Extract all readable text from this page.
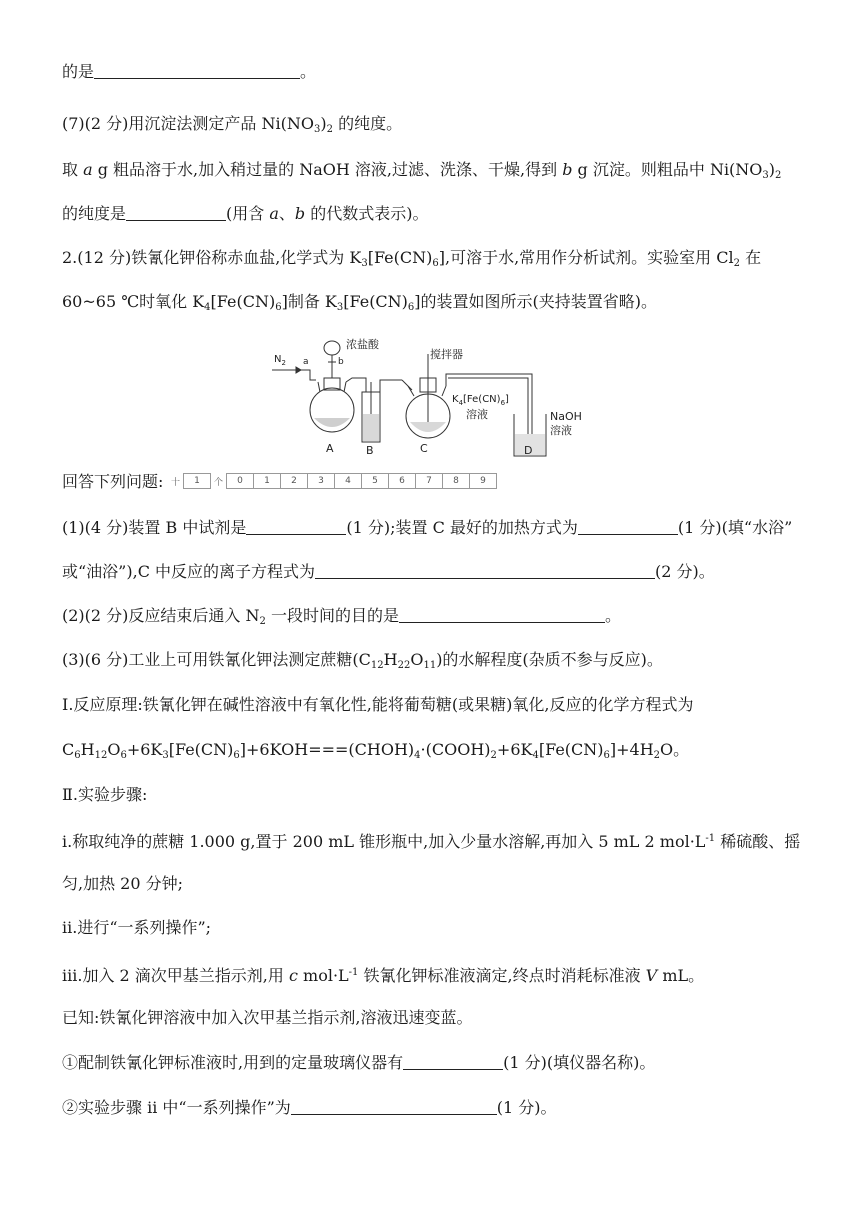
的是	。
(7)(2 分)用沉淀法测定产品 $Ni(NO_3)_2$ 的纯度。
取 a g 粗品溶于水,加入稍过量的 NaOH 溶液,过滤、洗涤、干燥,得到 b g 沉淀。则粗品中 $Ni(NO_3)_2$
的纯度是	(用含 a、b 的代数式表示)。
2.(12 分)铁氰化钾俗称赤血盐,化学式为 $K_3[Fe(CN)_6]$,可溶于水,常用作分析试剂。实验室用 $Cl_2$ 在
60~65 ℃时氧化 $K_4[Fe(CN)_6]$制备 $K_3[Fe(CN)_6]$的装置如图所示(夹持装置省略)。
$N_2$ a	b
浓盐酸
搅拌器
$K_4[Fe(CN)_6]$
溶液	NaOH
溶液
A	B	C	D
回答下列问题: 十	1	个	0	1	2	3	4	5	6	7	8	9
(1)(4 分)装置 B 中试剂是	(1 分);装置 C 最好的加热方式为	(1 分)(填“水浴”
或“油浴”),C 中反应的离子方程式为	(2 分)。
(2)(2 分)反应结束后通入 $N_2$ 一段时间的目的是	。
(3)(6 分)工业上可用铁氰化钾法测定蔗糖$(C_{12}H_{22}O_{11})$的水解程度(杂质不参与反应)。
Ⅰ.反应原理:铁氰化钾在碱性溶液中有氧化性,能将葡萄糖(或果糖)氧化,反应的化学方程式为
$C_6H_{12}O_6+6K_3[Fe(CN)_6]+6KOH===(CHOH)_4\cdot(COOH)_2+6K_4[Fe(CN)_6]+4H_2O$。
Ⅱ.实验步骤:
i.称取纯净的蔗糖 1.000 g,置于 200 mL 锥形瓶中,加入少量水溶解,再加入 5 mL 2 $mol\cdot L^{-1}$ 稀硫酸、摇
匀,加热 20 分钟;
ii.进行“一系列操作”;
iii.加入 2 滴次甲基兰指示剂,用 c $mol\cdot L^{-1}$ 铁氰化钾标准液滴定,终点时消耗标准液 V mL。
已知:铁氰化钾溶液中加入次甲基兰指示剂,溶液迅速变蓝。
①配制铁氰化钾标准液时,用到的定量玻璃仪器有	(1 分)(填仪器名称)。
②实验步骤 ii 中“一系列操作”为	(1 分)。
